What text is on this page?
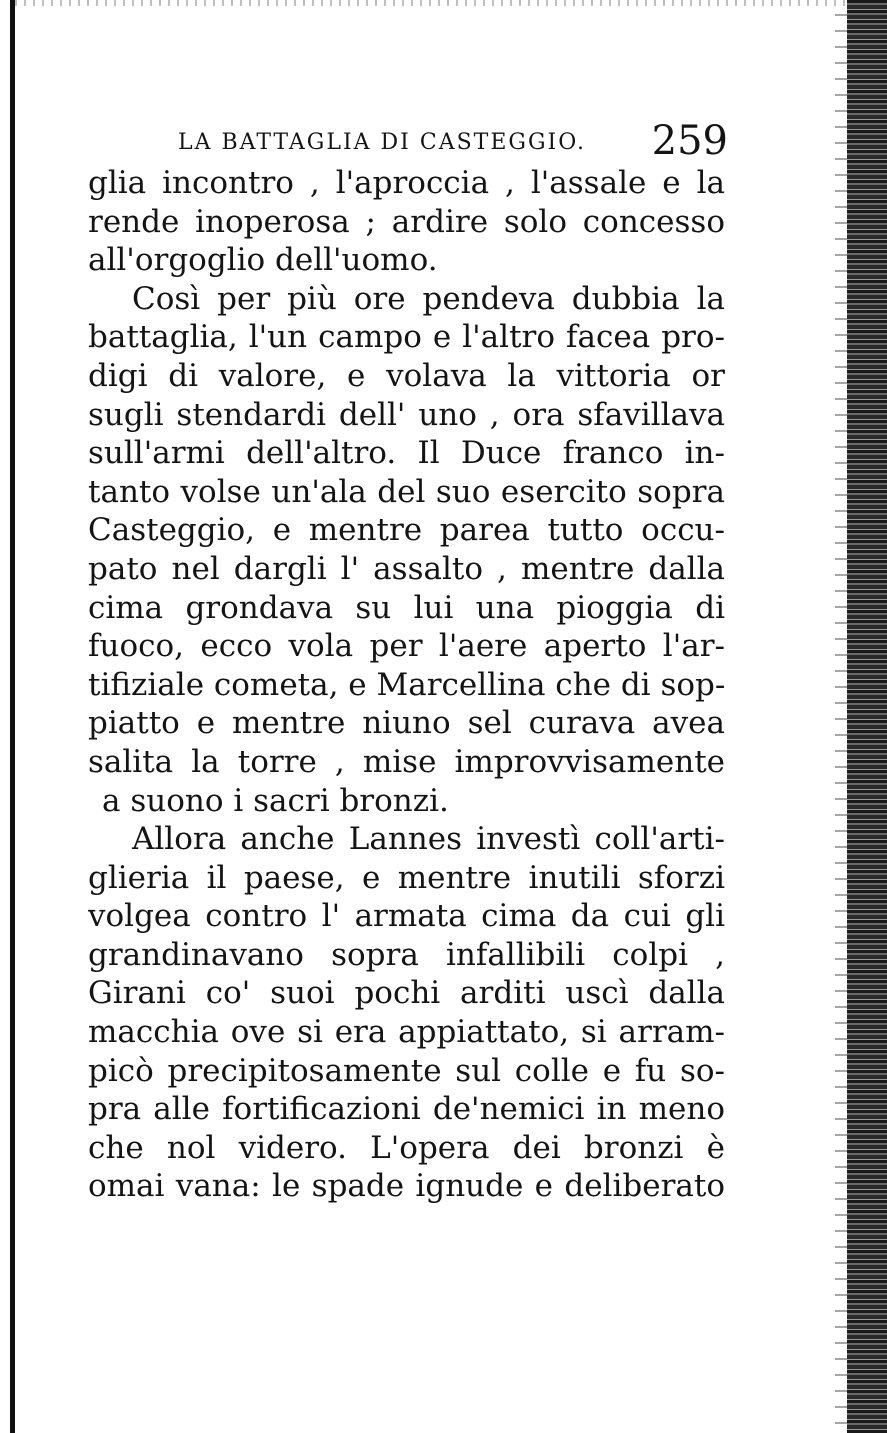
LA BATTAGLIA DI CASTEGGIO. 259
glia incontro , l'aproccia , l'assale e la
rende inoperosa ; ardire solo concesso
all'orgoglio dell'uomo.
Così per più ore pendeva dubbia la
battaglia, l'un campo e l'altro facea pro-
digi di valore, e volava la vittoria or
sugli stendardi dell' uno , ora sfavillava
sull'armi dell'altro. Il Duce franco in-
tanto volse un'ala del suo esercito sopra
Casteggio, e mentre parea tutto occu-
pato nel dargli l' assalto , mentre dalla
cima grondava su lui una pioggia di
fuoco, ecco vola per l'aere aperto l'ar-
tifiziale cometa, e Marcellina che di sop-
piatto e mentre niuno sel curava avea
salita la torre , mise improvvisamente
a suono i sacri bronzi.
Allora anche Lannes investì coll'arti-
glieria il paese, e mentre inutili sforzi
volgea contro l' armata cima da cui gli
grandinavano sopra infallibili colpi ,
Girani co' suoi pochi arditi uscì dalla
macchia ove si era appiattato, si arram-
picò precipitosamente sul colle e fu so-
pra alle fortificazioni de'nemici in meno
che nol videro. L'opera dei bronzi è
omai vana: le spade ignude e deliberato
